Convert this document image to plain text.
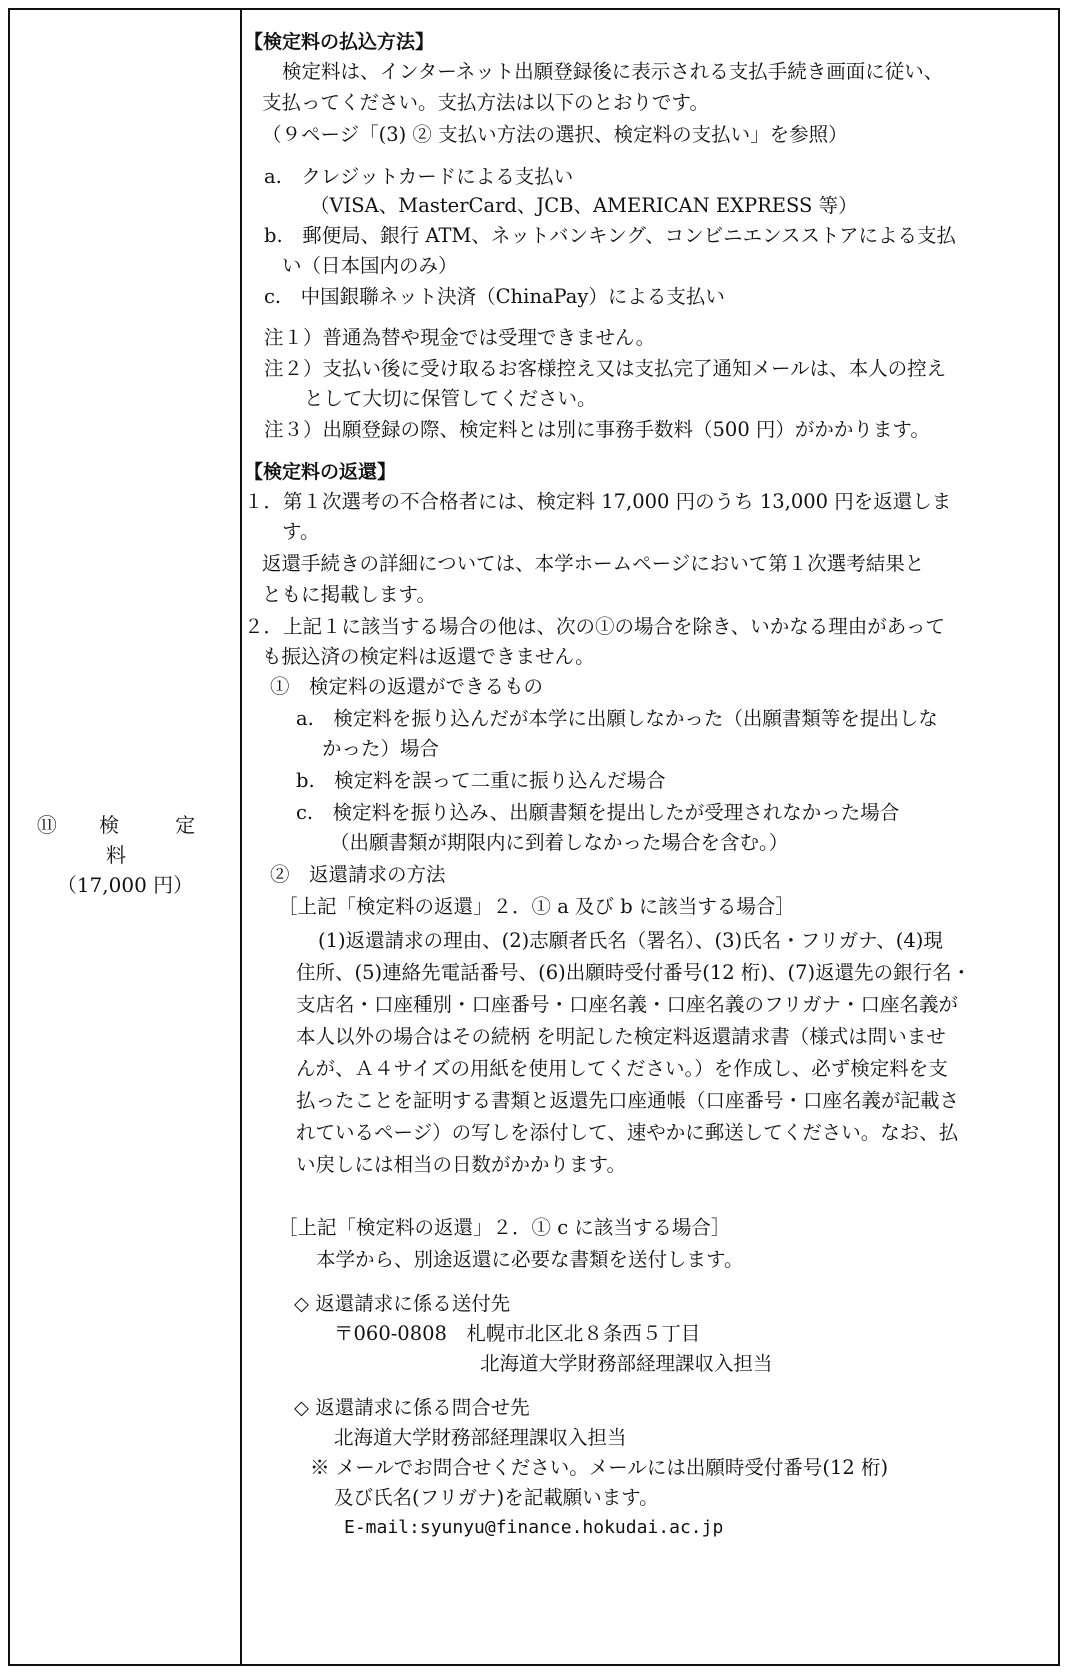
⑪ 検　定　料
（17,000 円）
【検定料の払込方法】
検定料は、インターネット出願登録後に表示される支払手続き画面に従い、
支払ってください。支払方法は以下のとおりです。
（９ページ「(3) ② 支払い方法の選択、検定料の支払い」を参照）
a.　クレジットカードによる支払い
（VISA、MasterCard、JCB、AMERICAN EXPRESS 等）
b.　郵便局、銀行 ATM、ネットバンキング、コンビニエンスストアによる支払
い（日本国内のみ）
c.　中国銀聯ネット決済（ChinaPay）による支払い
注１）普通為替や現金では受理できません。
注２）支払い後に受け取るお客様控え又は支払完了通知メールは、本人の控え
として大切に保管してください。
注３）出願登録の際、検定料とは別に事務手数料（500 円）がかかります。
【検定料の返還】
１．第１次選考の不合格者には、検定料 17,000 円のうち 13,000 円を返還しま
す。
返還手続きの詳細については、本学ホームページにおいて第１次選考結果と
ともに掲載します。
２．上記１に該当する場合の他は、次の①の場合を除き、いかなる理由があって
も振込済の検定料は返還できません。
①　検定料の返還ができるもの
a.　検定料を振り込んだが本学に出願しなかった（出願書類等を提出しな
かった）場合
b.　検定料を誤って二重に振り込んだ場合
c.　検定料を振り込み、出願書類を提出したが受理されなかった場合
（出願書類が期限内に到着しなかった場合を含む。）
②　返還請求の方法
［上記「検定料の返還」２．① a 及び b に該当する場合］
(1)返還請求の理由、(2)志願者氏名（署名）、(3)氏名・フリガナ、(4)現
住所、(5)連絡先電話番号、(6)出願時受付番号(12 桁)、(7)返還先の銀行名・
支店名・口座種別・口座番号・口座名義・口座名義のフリガナ・口座名義が
本人以外の場合はその続柄 を明記した検定料返還請求書（様式は問いませ
んが、Ａ４サイズの用紙を使用してください。）を作成し、必ず検定料を支
払ったことを証明する書類と返還先口座通帳（口座番号・口座名義が記載さ
れているページ）の写しを添付して、速やかに郵送してください。なお、払
い戻しには相当の日数がかかります。
［上記「検定料の返還」２．① c に該当する場合］
本学から、別途返還に必要な書類を送付します。
◇ 返還請求に係る送付先
〒060-0808　札幌市北区北８条西５丁目
北海道大学財務部経理課収入担当
◇ 返還請求に係る問合せ先
北海道大学財務部経理課収入担当
※ メールでお問合せください。メールには出願時受付番号(12 桁)
及び氏名(フリガナ)を記載願います。
E-mail:syunyu@finance.hokudai.ac.jp
